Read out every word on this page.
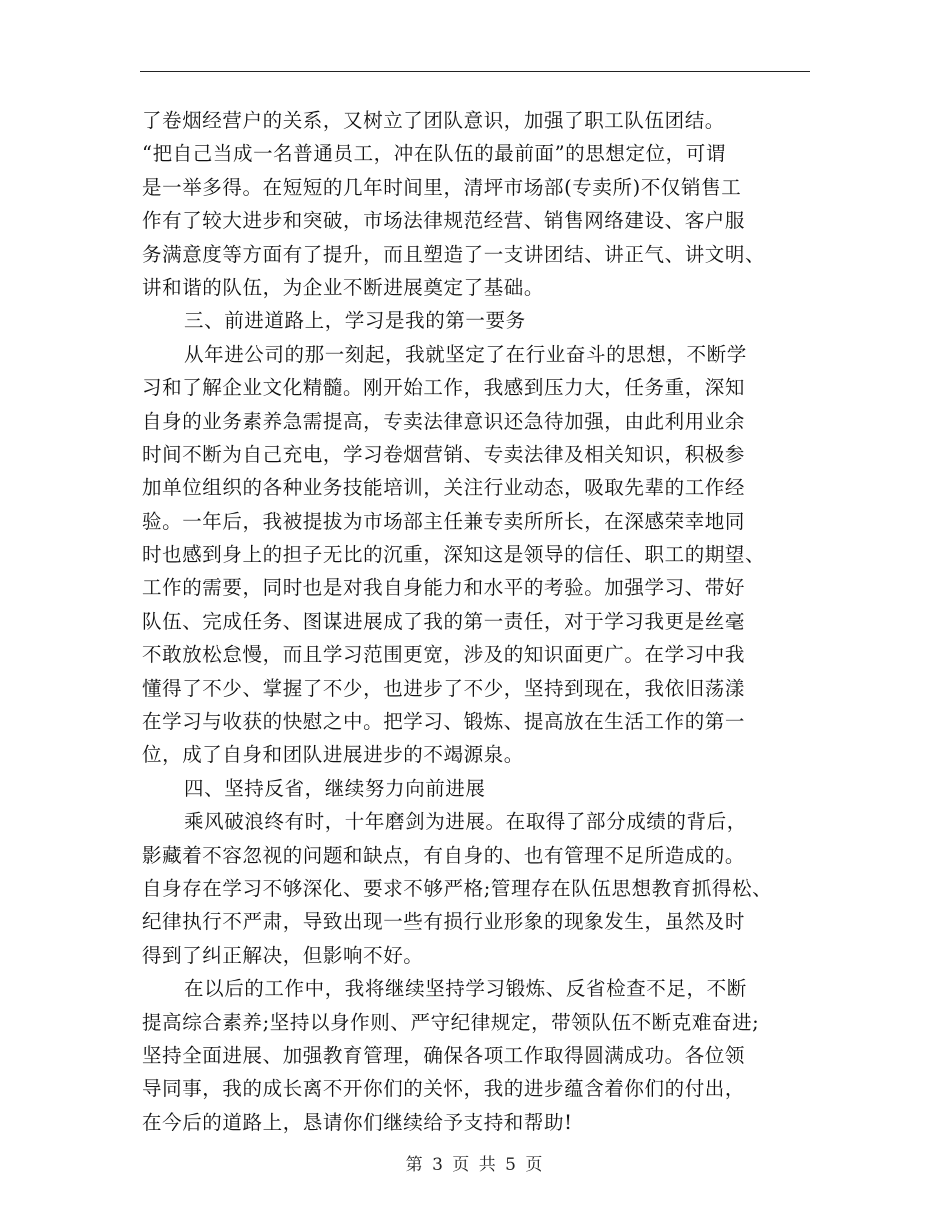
了卷烟经营户的关系，又树立了团队意识，加强了职工队伍团结。
“把自己当成一名普通员工，冲在队伍的最前面”的思想定位，可谓
是一举多得。在短短的几年时间里，清坪市场部(专卖所)不仅销售工
作有了较大进步和突破，市场法律规范经营、销售网络建设、客户服
务满意度等方面有了提升，而且塑造了一支讲团结、讲正气、讲文明、
讲和谐的队伍，为企业不断进展奠定了基础。
三、前进道路上，学习是我的第一要务
从年进公司的那一刻起，我就坚定了在行业奋斗的思想，不断学
习和了解企业文化精髓。刚开始工作，我感到压力大，任务重，深知
自身的业务素养急需提高，专卖法律意识还急待加强，由此利用业余
时间不断为自己充电，学习卷烟营销、专卖法律及相关知识，积极参
加单位组织的各种业务技能培训，关注行业动态，吸取先辈的工作经
验。一年后，我被提拔为市场部主任兼专卖所所长，在深感荣幸地同
时也感到身上的担子无比的沉重，深知这是领导的信任、职工的期望、
工作的需要，同时也是对我自身能力和水平的考验。加强学习、带好
队伍、完成任务、图谋进展成了我的第一责任，对于学习我更是丝毫
不敢放松怠慢，而且学习范围更宽，涉及的知识面更广。在学习中我
懂得了不少、掌握了不少，也进步了不少，坚持到现在，我依旧荡漾
在学习与收获的快慰之中。把学习、锻炼、提高放在生活工作的第一
位，成了自身和团队进展进步的不竭源泉。
四、坚持反省，继续努力向前进展
乘风破浪终有时，十年磨剑为进展。在取得了部分成绩的背后，
影藏着不容忽视的问题和缺点，有自身的、也有管理不足所造成的。
自身存在学习不够深化、要求不够严格;管理存在队伍思想教育抓得松、
纪律执行不严肃，导致出现一些有损行业形象的现象发生，虽然及时
得到了纠正解决，但影响不好。
在以后的工作中，我将继续坚持学习锻炼、反省检查不足，不断
提高综合素养;坚持以身作则、严守纪律规定，带领队伍不断克难奋进;
坚持全面进展、加强教育管理，确保各项工作取得圆满成功。各位领
导同事，我的成长离不开你们的关怀，我的进步蕴含着你们的付出，
在今后的道路上，恳请你们继续给予支持和帮助!
第 3 页 共 5 页
